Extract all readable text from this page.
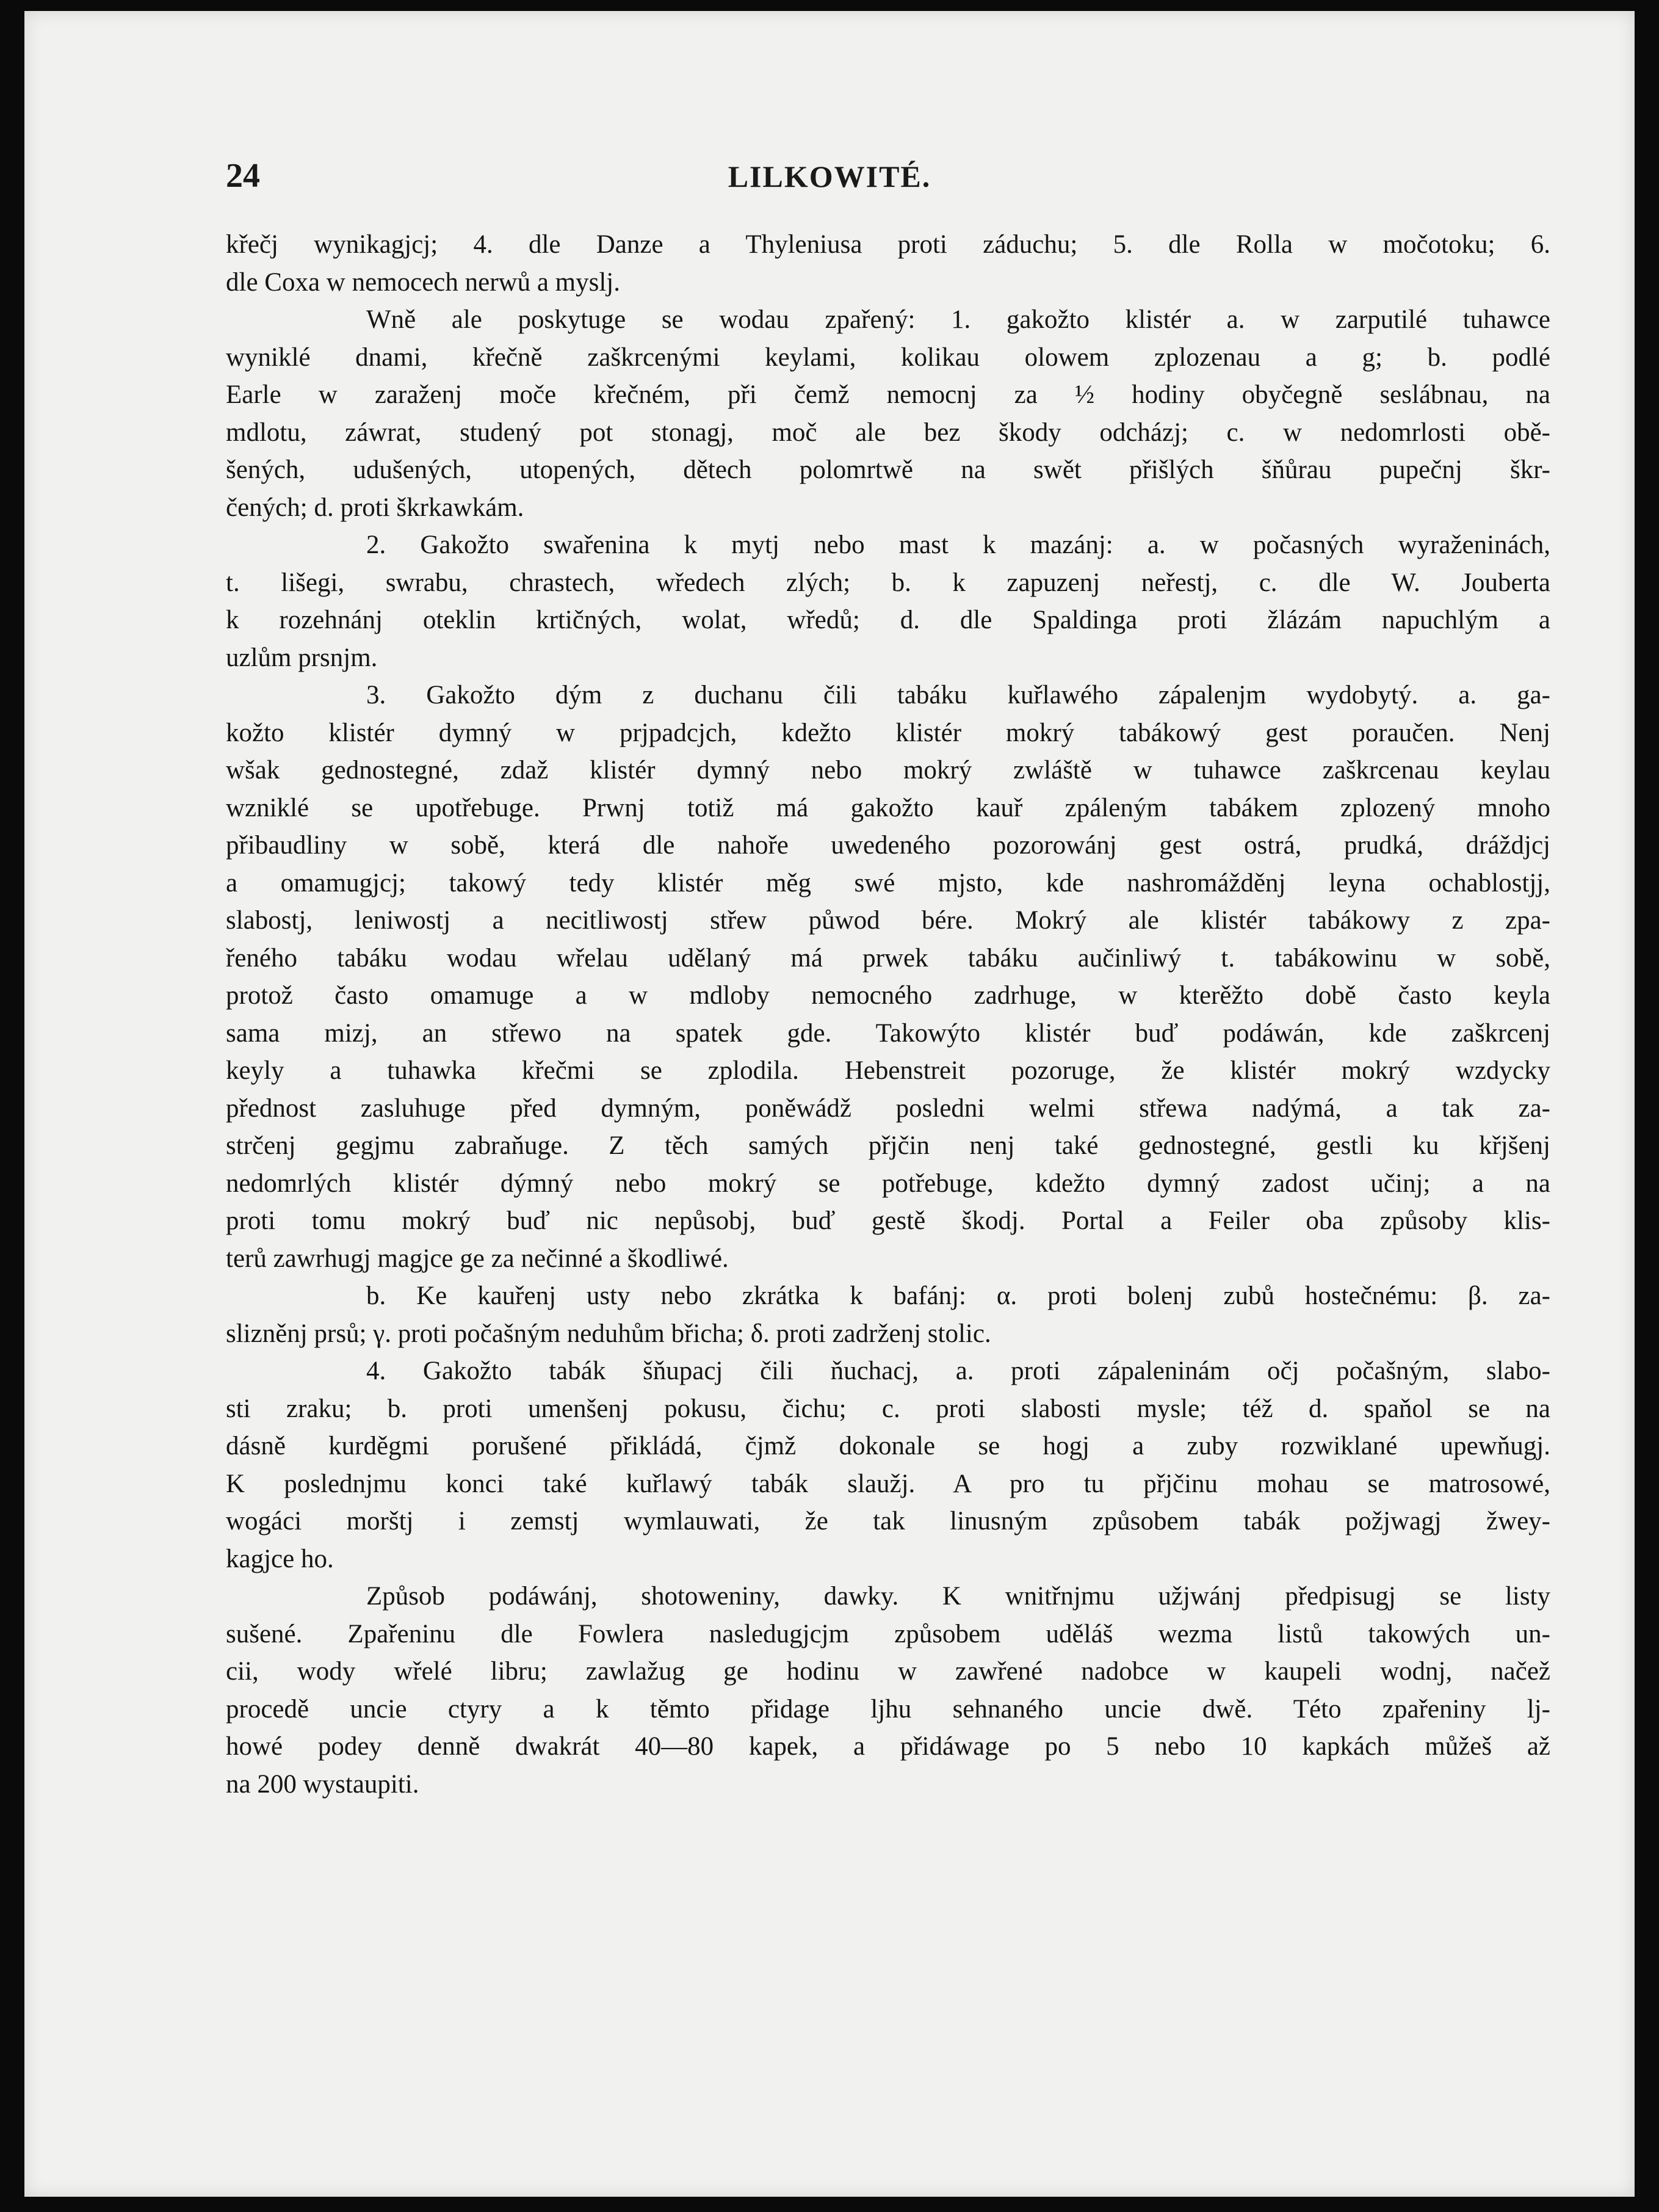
24	LILKOWITÉ.
křečj wynikagjcj; 4. dle Danze a Thyleniusa proti záduchu; 5. dle Rolla w močotoku; 6.
dle Coxa w nemocech nerwů a myslj.
Wně ale poskytuge se wodau zpařený: 1. gakožto klistér a. w zarputilé tuhawce
wyniklé dnami, křečně zaškrcenými keylami, kolikau olowem zplozenau a g; b. podlé
Earle w zaraženj moče křečném, při čemž nemocnj za ½ hodiny obyčegně seslábnau, na
mdlotu, záwrat, studený pot stonagj, moč ale bez škody odcházj; c. w nedomrlosti obě-
šených, udušených, utopených, dětech polomrtwě na swět přišlých šňůrau pupečnj škr-
čených; d. proti škrkawkám.
2. Gakožto swařenina k mytj nebo mast k mazánj: a. w počasných wyraženinách,
t. lišegi, swrabu, chrastech, wředech zlých; b. k zapuzenj neřestj, c. dle W. Jouberta
k rozehnánj oteklin krtičných, wolat, wředů; d. dle Spaldinga proti žlázám napuchlým a
uzlům prsnjm.
3. Gakožto dým z duchanu čili tabáku kuřlawého zápalenjm wydobytý. a. ga-
kožto klistér dymný w prjpadcjch, kdežto klistér mokrý tabákowý gest poraučen. Nenj
wšak gednostegné, zdaž klistér dymný nebo mokrý zwláště w tuhawce zaškrcenau keylau
wzniklé se upotřebuge. Prwnj totiž má gakožto kauř zpáleným tabákem zplozený mnoho
přibaudliny w sobě, která dle nahoře uwedeného pozorowánj gest ostrá, prudká, drážd͏jcj
a omamugjcj; takowý tedy klistér měg swé mjsto, kde nashromážděnj leyna ochablostjj,
slabostj, leniwostj a necitliwostj střew půwod bére. Mokrý ale klistér tabákowy z zpa-
řeného tabáku wodau wřelau udělaný má prwek tabáku aučinliwý t. tabákowinu w sobě,
protož často omamuge a w mdloby nemocného zadrhuge, w kterěžto době často keyla
sama mizj, an střewo na spatek gde. Takowýto klistér buď podáwán, kde zaškrcenj
keyly a tuhawka křečmi se zplodila. Hebenstreit pozoruge, že klistér mokrý wzdycky
přednost zasluhuge před dymným, poněwádž posledni welmi střewa nadýmá, a tak za-
strčenj gegjmu zabraňuge. Z těch samých přjčin nenj také gednostegné, gestli ku křjšenj
nedomrlých klistér dýmný nebo mokrý se potřebuge, kdežto dymný zadost učinj; a na
proti tomu mokrý buď nic nepůsobj, buď gestě škodj. Portal a Feiler oba způsoby klis-
terů zawrhugj magjce ge za nečinné a škodliwé.
b. Ke kauřenj usty nebo zkrátka k bafánj: α. proti bolenj zubů hostečnému: β. za-
slizněnj prsů; γ. proti počašným neduhům břicha; δ. proti zadrženj stolic.
4. Gakožto tabák šňupacj čili ňuchacj, a. proti zápaleninám očj počašným, slabo-
sti zraku; b. proti umenšenj pokusu, čichu; c. proti slabosti mysle; též d. spaňol se na
dásně kurděgmi porušené přikládá, čjmž dokonale se hogj a zuby rozwiklané upewňugj.
K poslednjmu konci také kuřlawý tabák slaužj. A pro tu přjčinu mohau se matrosowé,
wogáci morštj i zemstj wymlauwati, že tak linusným způsobem tabák požjwagj žwey-
kagjce ho.
Způsob podáwánj, shotoweniny, dawky. K wnitřnjmu užjwánj předpisugj se listy
sušené. Zpařeninu dle Fowlera nasledugjcjm způsobem uděláš wezma listů takowých un-
cii, wody wřelé libru; zawlažug ge hodinu w zawřené nadobce w kaupeli wodnj, načež
procedě uncie ctyry a k těmto přidage ljhu sehnaného uncie dwě. Této zpařeniny lj-
howé podey denně dwakrát 40—80 kapek, a přidáwage po 5 nebo 10 kapkách můžeš až
na 200 wystaupiti.
